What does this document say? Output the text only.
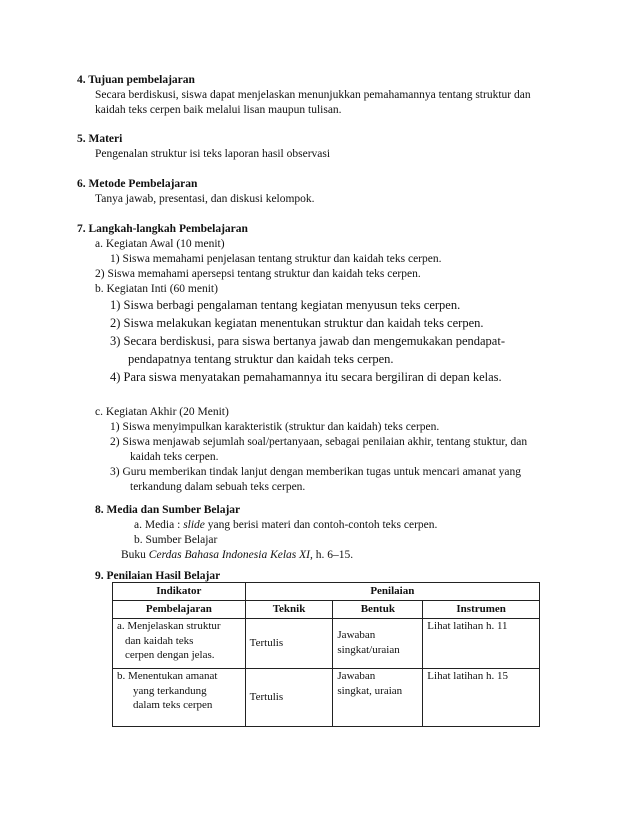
4. Tujuan pembelajaran
Secara berdiskusi, siswa dapat menjelaskan menunjukkan pemahamannya tentang struktur dan
kaidah teks cerpen baik melalui lisan maupun tulisan.
5. Materi
Pengenalan struktur isi teks laporan hasil observasi
6. Metode Pembelajaran
Tanya jawab, presentasi, dan diskusi kelompok.
7. Langkah-langkah Pembelajaran
a. Kegiatan Awal (10 menit)
1) Siswa memahami penjelasan tentang struktur dan kaidah teks cerpen.
2) Siswa memahami apersepsi tentang struktur dan kaidah teks cerpen.
b. Kegiatan Inti (60 menit)
1) Siswa berbagi pengalaman tentang kegiatan menyusun teks cerpen.
2) Siswa melakukan kegiatan menentukan struktur dan kaidah teks cerpen.
3) Secara berdiskusi, para siswa bertanya jawab dan mengemukakan pendapat-
pendapatnya tentang struktur dan kaidah teks cerpen.
4) Para siswa menyatakan pemahamannya itu secara bergiliran di depan kelas.
c. Kegiatan Akhir (20 Menit)
1) Siswa menyimpulkan karakteristik (struktur dan kaidah) teks cerpen.
2) Siswa menjawab sejumlah soal/pertanyaan, sebagai penilaian akhir, tentang stuktur, dan
kaidah teks cerpen.
3) Guru memberikan tindak lanjut dengan memberikan tugas untuk mencari amanat yang
terkandung dalam sebuah teks cerpen.
8. Media dan Sumber Belajar
a. Media : slide yang berisi materi dan contoh-contoh teks cerpen.
b. Sumber Belajar
Buku Cerdas Bahasa Indonesia Kelas XI, h. 6–15.
9. Penilaian Hasil Belajar
Indikator	Penilaian		
Pembelajaran	Teknik	Bentuk	Instrumen

a. Menjelaskan struktur
dan kaidah teks
cerpen dengan jelas.	Tertulis	Jawaban
singkat/uraian	Lihat latihan h. 11

b. Menentukan amanat
yang terkandung
dalam teks cerpen	Tertulis	Jawaban
singkat, uraian	Lihat latihan h. 15
